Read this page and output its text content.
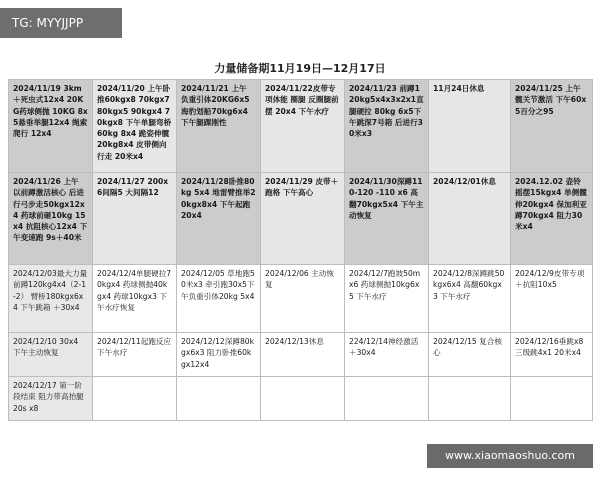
TG: MYYJJPP
力量储备期11月19日—12月17日
2024/11/19 3km＋死虫式12x4 20KG药球侧抛 10KG 8x5悬垂举腿12x4 绳索爬行 12x4	2024/11/20 上午卧推60kgx8 70kgx7 80kgx5 90kgx4 70kgx8 下午单腿弯桥60kg 8x4 跪姿伸髋20kg8x4 皮带侧向行走 20米x4	2024/11/21 上午 负重引体20KG6x5 海豹划船70kg6x4 下午腿踝刚性	2024/11/22皮带专项体能 圈腿 反圈腿前摆 20x4 下午水疗	2024/11/23 前蹲120kg5x4x3x2x1直腿硬拉 80kg 6x5下午跳深7号箱 后进行30米x3	11月24日休息	2024/11/25 上午髋关节激活 下午60x5百分之95
2024/11/26 上午 以前蹲激活核心 后进行弓步走50kgx12x4 药球前砸10kg 15x4 抗阻核心12x4 下午变速跑 9s＋40米	2024/11/27 200x6间隔5 大间隔12	2024/11/28卧推80kg 5x4 地雷臂推举20kgx8x4 下午起跑 20x4	2024/11/29 皮带＋跑格 下午高心	2024/11/30深蹲110-120 -110 x6 高翻70kgx5x4 下午主动恢复	2024/12/01休息	2024.12.02 壶铃摇摆15kgx4 单侧髋伸20kgx4 保加利亚蹲70kgx4 阻力30米x4
2024/12/03最大力量 前蹲120kg4x4（2-1-2） 臂桥180kgx6x4 下午跳箱 ＋30x4	2024/12/4单腿硬拉70kgx4 药球侧抛40kgx4 药球10kgx3 下午水疗恢复	2024/12/05 草地跑50米x3 牵引跑30x5下午负重引体20kg 5x4	2024/12/06 主动恢复	2024/12/7跑坡50mx6 药球侧抛10kg6x5 下午水疗	2024/12/8深蹲跳50kgx6x4 高翻60kgx3 下午水疗	2024/12/9皮带专项＋抗阻10x5
2024/12/10 30x4 下午主动恢复	2024/12/11起跑反应 下午水疗	2024/12/12深蹲80kgx6x3 阻力卧推60kgx12x4	2024/12/13休息	224/12/14神经激活＋30x4	2024/12/15 复合核心	2024/12/16垂跳x8三级跳4x1 20米x4
2024/12/17 第一阶段结束 阻力带高抬腿20s x8						
www.xiaomaoshuo.com
